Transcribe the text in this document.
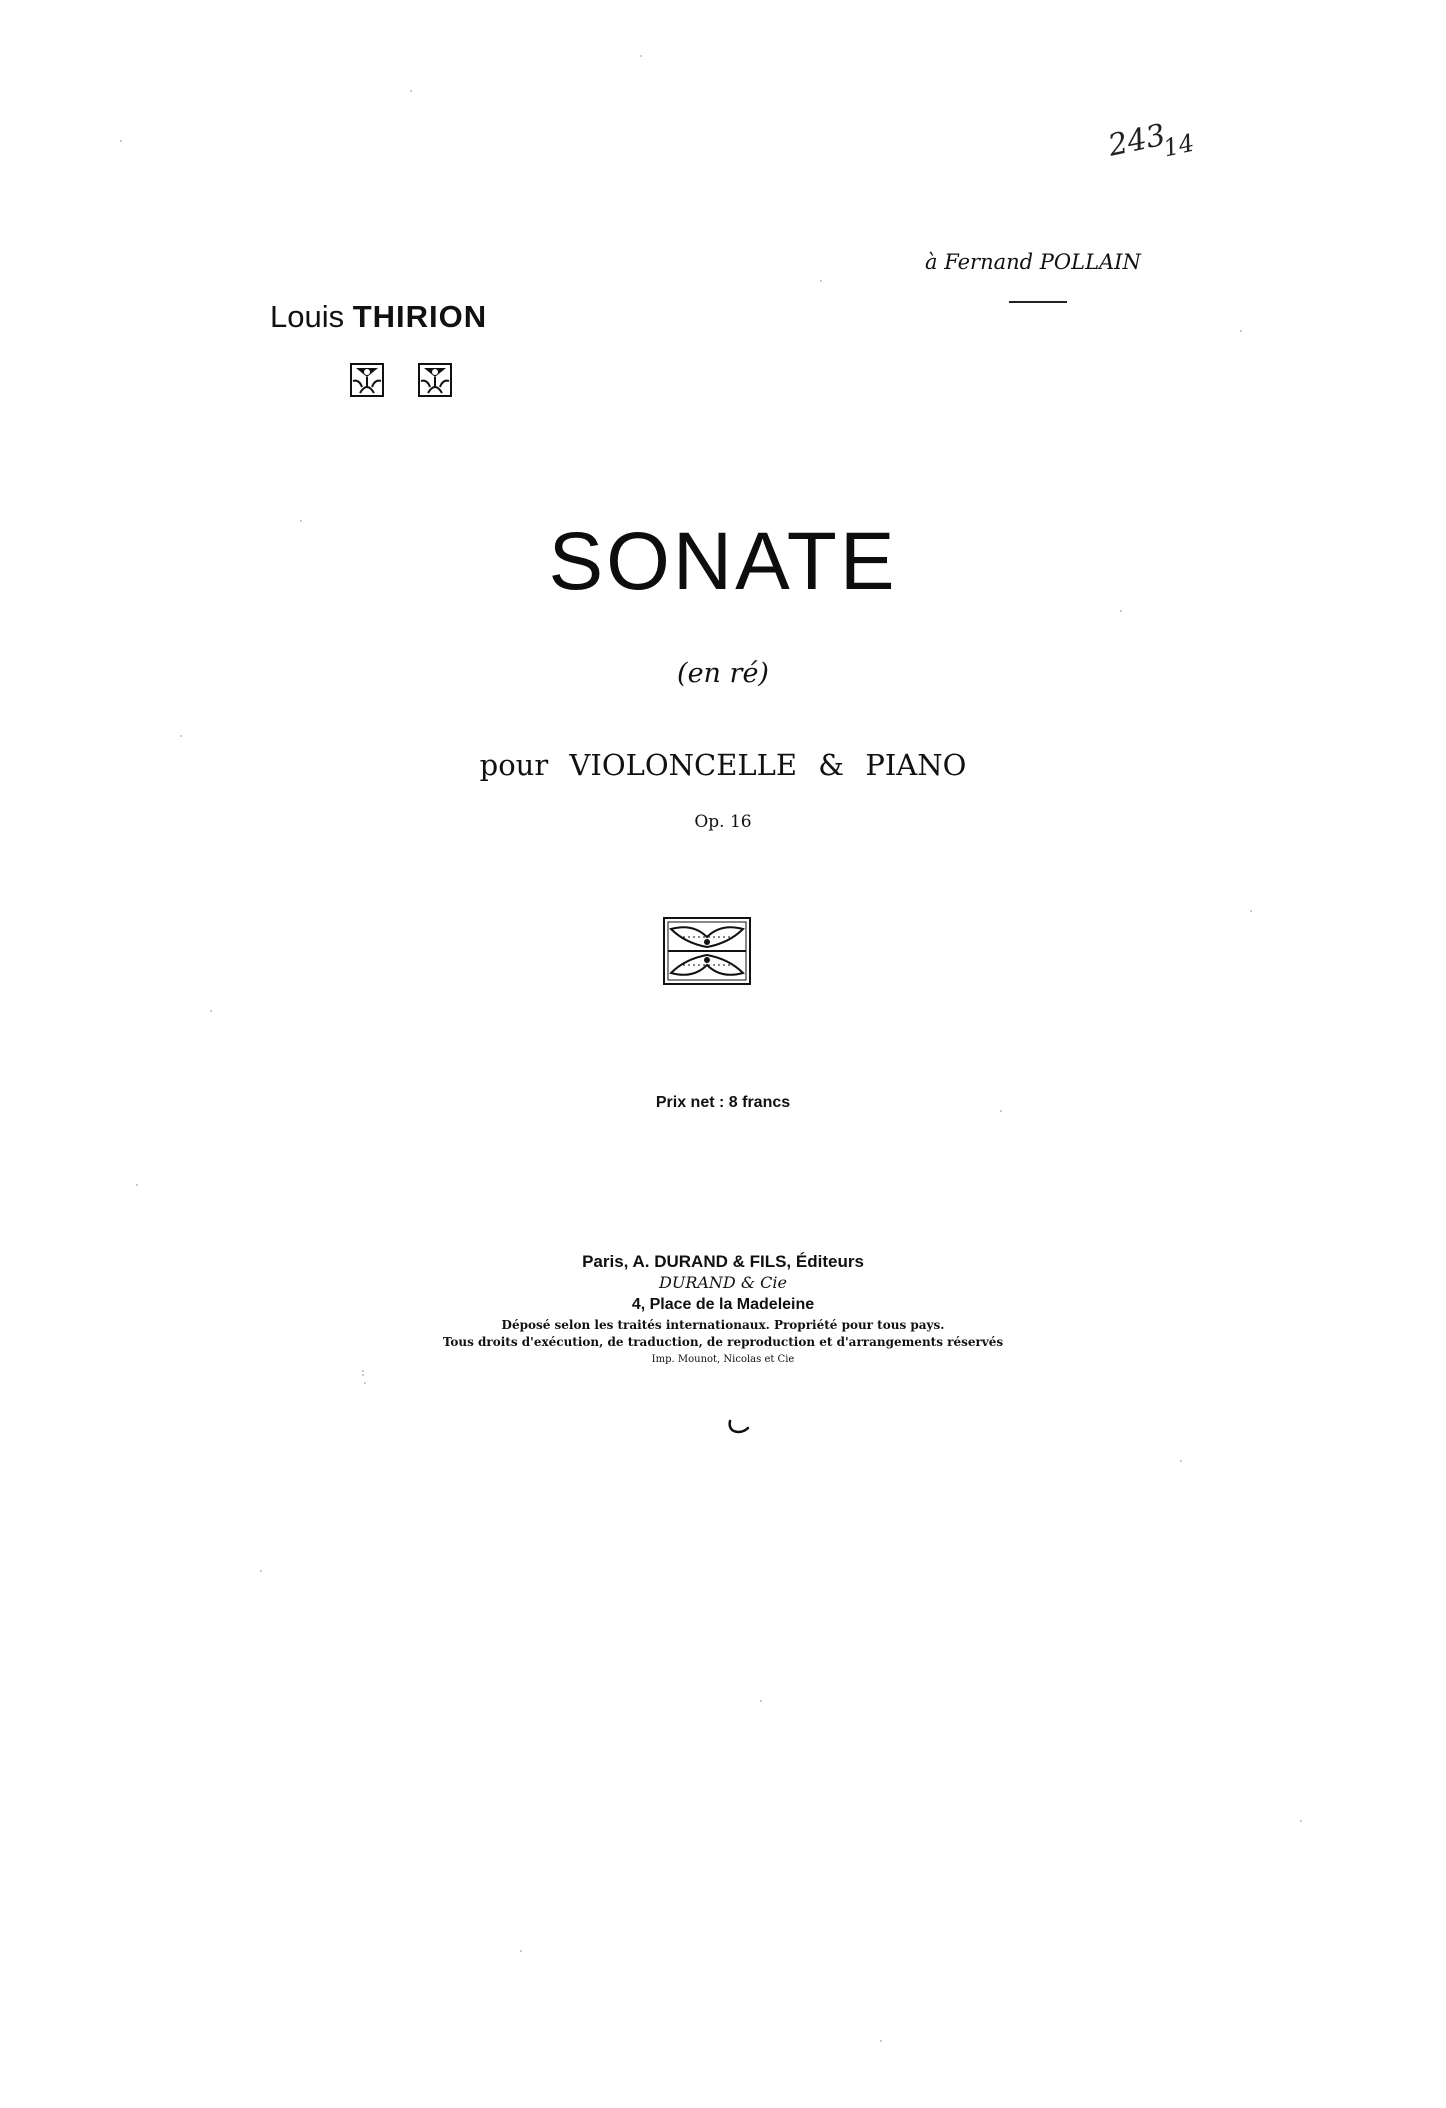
$243_{14}$
à Fernand POLLAIN
Louis THIRION
SONATE
(en ré)
pour VIOLONCELLE & PIANO
Op. 16
Prix net : 8 francs
Paris, A. DURAND & FILS, Éditeurs
DURAND & Cie
4, Place de la Madeleine
Déposé selon les traités internationaux. Propriété pour tous pays.
Tous droits d'exécution, de traduction, de reproduction et d'arrangements réservés
Imp. Mounot, Nicolas et Cie
